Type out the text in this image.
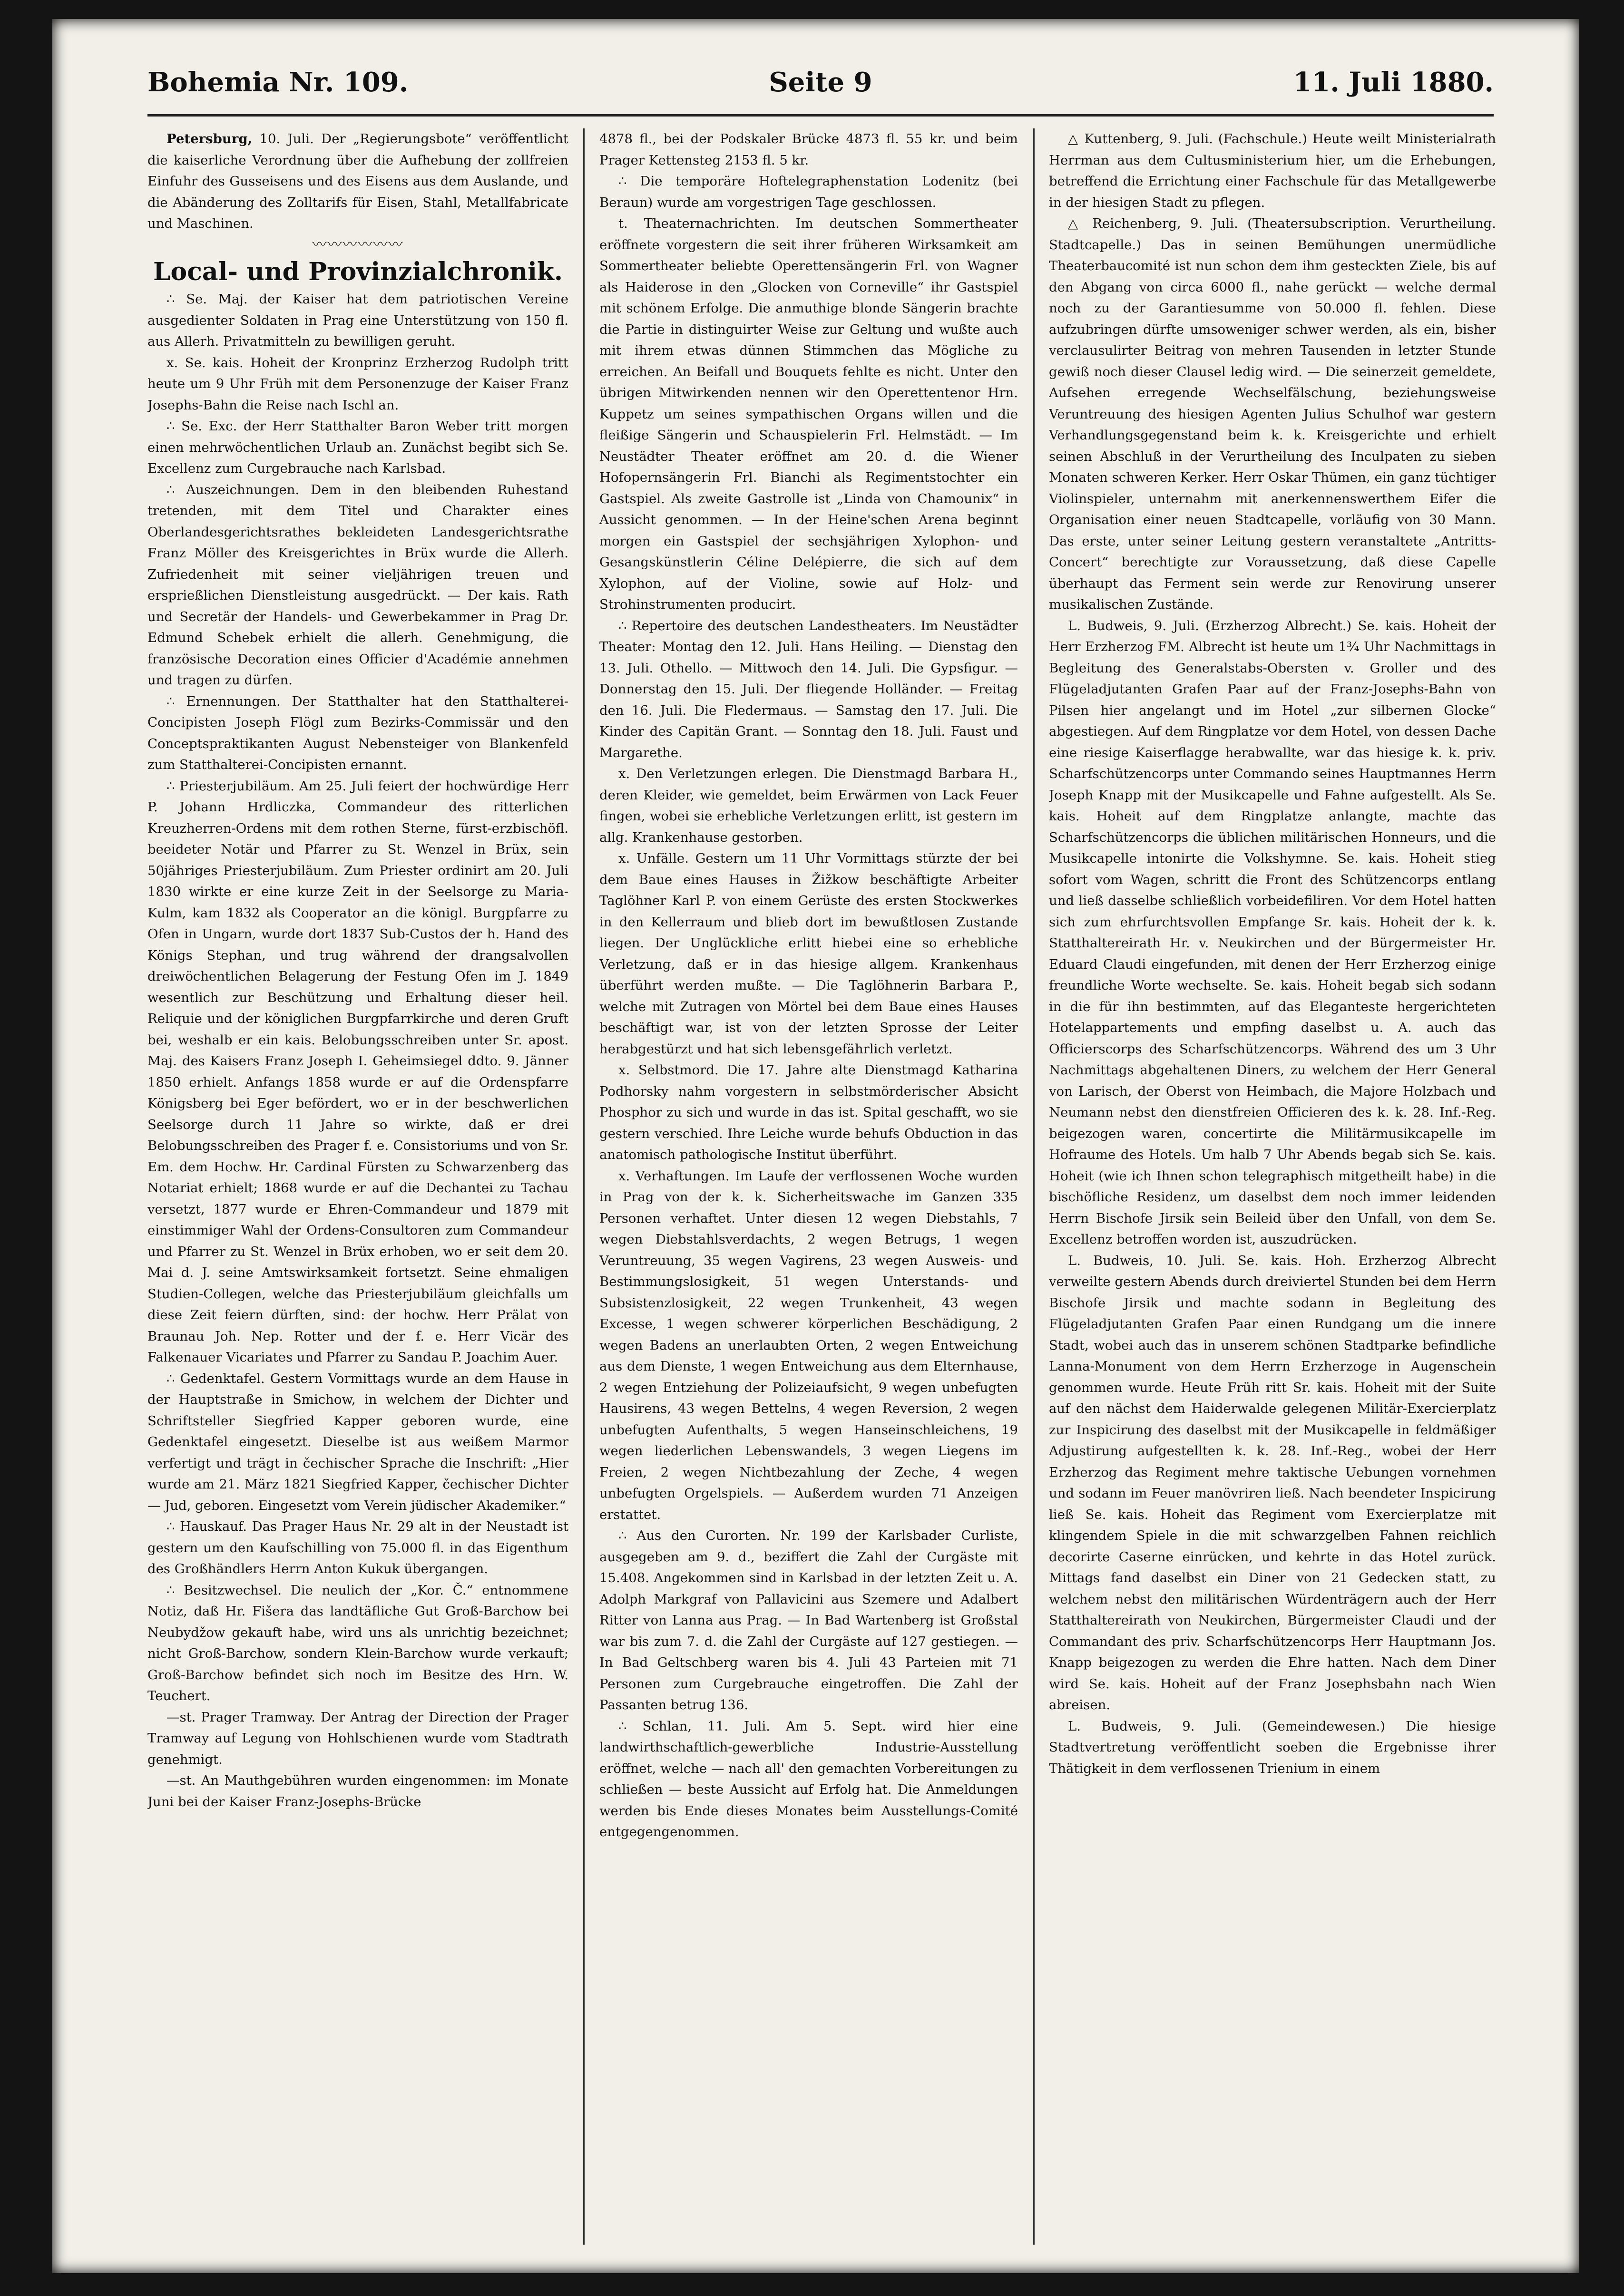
Bohemia Nr. 109.	Seite 9	11. Juli 1880.

Petersburg, 10. Juli. Der „Regierungsbote“ veröffentlicht die kaiserliche Verordnung über die Aufhebung der zollfreien Einfuhr des Gusseisens und des Eisens aus dem Auslande, und die Abänderung des Zolltarifs für Eisen, Stahl, Metallfabricate und Maschinen.

〰〰〰〰〰〰

Local- und Provinzialchronik.

∴ Se. Maj. der Kaiser hat dem patriotischen Vereine ausgedienter Soldaten in Prag eine Unterstützung von 150 fl. aus Allerh. Privatmitteln zu bewilligen geruht.

x. Se. kais. Hoheit der Kronprinz Erzherzog Rudolph tritt heute um 9 Uhr Früh mit dem Personenzuge der Kaiser Franz Josephs-Bahn die Reise nach Ischl an.

∴ Se. Exc. der Herr Statthalter Baron Weber tritt morgen einen mehrwöchentlichen Urlaub an. Zunächst begibt sich Se. Excellenz zum Curgebrauche nach Karlsbad.

∴ Auszeichnungen. Dem in den bleibenden Ruhestand tretenden, mit dem Titel und Charakter eines Oberlandesgerichtsrathes bekleideten Landesgerichtsrathe Franz Möller des Kreisgerichtes in Brüx wurde die Allerh. Zufriedenheit mit seiner vieljährigen treuen und ersprießlichen Dienstleistung ausgedrückt. — Der kais. Rath und Secretär der Handels- und Gewerbekammer in Prag Dr. Edmund Schebek erhielt die allerh. Genehmigung, die französische Decoration eines Officier d'Académie annehmen und tragen zu dürfen.

∴ Ernennungen. Der Statthalter hat den Statthalterei-Concipisten Joseph Flögl zum Bezirks-Commissär und den Conceptspraktikanten August Nebensteiger von Blankenfeld zum Statthalterei-Concipisten ernannt.

∴ Priesterjubiläum. Am 25. Juli feiert der hochwürdige Herr P. Johann Hrdliczka, Commandeur des ritterlichen Kreuzherren-Ordens mit dem rothen Sterne, fürst-erzbischöfl. beeideter Notär und Pfarrer zu St. Wenzel in Brüx, sein 50jähriges Priesterjubiläum. Zum Priester ordinirt am 20. Juli 1830 wirkte er eine kurze Zeit in der Seelsorge zu Maria-Kulm, kam 1832 als Cooperator an die königl. Burgpfarre zu Ofen in Ungarn, wurde dort 1837 Sub-Custos der h. Hand des Königs Stephan, und trug während der drangsalvollen dreiwöchentlichen Belagerung der Festung Ofen im J. 1849 wesentlich zur Beschützung und Erhaltung dieser heil. Reliquie und der königlichen Burgpfarrkirche und deren Gruft bei, weshalb er ein kais. Belobungsschreiben unter Sr. apost. Maj. des Kaisers Franz Joseph I. Geheimsiegel ddto. 9. Jänner 1850 erhielt. Anfangs 1858 wurde er auf die Ordenspfarre Königsberg bei Eger befördert, wo er in der beschwerlichen Seelsorge durch 11 Jahre so wirkte, daß er drei Belobungsschreiben des Prager f. e. Consistoriums und von Sr. Em. dem Hochw. Hr. Cardinal Fürsten zu Schwarzenberg das Notariat erhielt; 1868 wurde er auf die Dechantei zu Tachau versetzt, 1877 wurde er Ehren-Commandeur und 1879 mit einstimmiger Wahl der Ordens-Consultoren zum Commandeur und Pfarrer zu St. Wenzel in Brüx erhoben, wo er seit dem 20. Mai d. J. seine Amtswirksamkeit fortsetzt. Seine ehmaligen Studien-Collegen, welche das Priesterjubiläum gleichfalls um diese Zeit feiern dürften, sind: der hochw. Herr Prälat von Braunau Joh. Nep. Rotter und der f. e. Herr Vicär des Falkenauer Vicariates und Pfarrer zu Sandau P. Joachim Auer.

∴ Gedenktafel. Gestern Vormittags wurde an dem Hause in der Hauptstraße in Smichow, in welchem der Dichter und Schriftsteller Siegfried Kapper geboren wurde, eine Gedenktafel eingesetzt. Dieselbe ist aus weißem Marmor verfertigt und trägt in čechischer Sprache die Inschrift: „Hier wurde am 21. März 1821 Siegfried Kapper, čechischer Dichter — Jud, geboren. Eingesetzt vom Verein jüdischer Akademiker.“

∴ Hauskauf. Das Prager Haus Nr. 29 alt in der Neustadt ist gestern um den Kaufschilling von 75.000 fl. in das Eigenthum des Großhändlers Herrn Anton Kukuk übergangen.

∴ Besitzwechsel. Die neulich der „Kor. Č.“ entnommene Notiz, daß Hr. Fišera das landtäfliche Gut Groß-Barchow bei Neubydžow gekauft habe, wird uns als unrichtig bezeichnet; nicht Groß-Barchow, sondern Klein-Barchow wurde verkauft; Groß-Barchow befindet sich noch im Besitze des Hrn. W. Teuchert.

—st. Prager Tramway. Der Antrag der Direction der Prager Tramway auf Legung von Hohlschienen wurde vom Stadtrath genehmigt.

—st. An Mauthgebühren wurden eingenommen: im Monate Juni bei der Kaiser Franz-Josephs-Brücke

4878 fl., bei der Podskaler Brücke 4873 fl. 55 kr. und beim Prager Kettensteg 2153 fl. 5 kr.

∴ Die temporäre Hoftelegraphenstation Lodenitz (bei Beraun) wurde am vorgestrigen Tage geschlossen.

t. Theaternachrichten. Im deutschen Sommertheater eröffnete vorgestern die seit ihrer früheren Wirksamkeit am Sommertheater beliebte Operettensängerin Frl. von Wagner als Haiderose in den „Glocken von Corneville“ ihr Gastspiel mit schönem Erfolge. Die anmuthige blonde Sängerin brachte die Partie in distinguirter Weise zur Geltung und wußte auch mit ihrem etwas dünnen Stimmchen das Mögliche zu erreichen. An Beifall und Bouquets fehlte es nicht. Unter den übrigen Mitwirkenden nennen wir den Operettentenor Hrn. Kuppetz um seines sympathischen Organs willen und die fleißige Sängerin und Schauspielerin Frl. Helmstädt. — Im Neustädter Theater eröffnet am 20. d. die Wiener Hofopernsängerin Frl. Bianchi als Regimentstochter ein Gastspiel. Als zweite Gastrolle ist „Linda von Chamounix“ in Aussicht genommen. — In der Heine'schen Arena beginnt morgen ein Gastspiel der sechsjährigen Xylophon- und Gesangskünstlerin Céline Delépierre, die sich auf dem Xylophon, auf der Violine, sowie auf Holz- und Strohinstrumenten producirt.

∴ Repertoire des deutschen Landestheaters. Im Neustädter Theater: Montag den 12. Juli. Hans Heiling. — Dienstag den 13. Juli. Othello. — Mittwoch den 14. Juli. Die Gypsfigur. — Donnerstag den 15. Juli. Der fliegende Holländer. — Freitag den 16. Juli. Die Fledermaus. — Samstag den 17. Juli. Die Kinder des Capitän Grant. — Sonntag den 18. Juli. Faust und Margarethe.

x. Den Verletzungen erlegen. Die Dienstmagd Barbara H., deren Kleider, wie gemeldet, beim Erwärmen von Lack Feuer fingen, wobei sie erhebliche Verletzungen erlitt, ist gestern im allg. Krankenhause gestorben.

x. Unfälle. Gestern um 11 Uhr Vormittags stürzte der bei dem Baue eines Hauses in Žižkow beschäftigte Arbeiter Taglöhner Karl P. von einem Gerüste des ersten Stockwerkes in den Kellerraum und blieb dort im bewußtlosen Zustande liegen. Der Unglückliche erlitt hiebei eine so erhebliche Verletzung, daß er in das hiesige allgem. Krankenhaus überführt werden mußte. — Die Taglöhnerin Barbara P., welche mit Zutragen von Mörtel bei dem Baue eines Hauses beschäftigt war, ist von der letzten Sprosse der Leiter herabgestürzt und hat sich lebensgefährlich verletzt.

x. Selbstmord. Die 17. Jahre alte Dienstmagd Katharina Podhorsky nahm vorgestern in selbstmörderischer Absicht Phosphor zu sich und wurde in das ist. Spital geschafft, wo sie gestern verschied. Ihre Leiche wurde behufs Obduction in das anatomisch pathologische Institut überführt.

x. Verhaftungen. Im Laufe der verflossenen Woche wurden in Prag von der k. k. Sicherheitswache im Ganzen 335 Personen verhaftet. Unter diesen 12 wegen Diebstahls, 7 wegen Diebstahlsverdachts, 2 wegen Betrugs, 1 wegen Veruntreuung, 35 wegen Vagirens, 23 wegen Ausweis- und Bestimmungslosigkeit, 51 wegen Unterstands- und Subsistenzlosigkeit, 22 wegen Trunkenheit, 43 wegen Excesse, 1 wegen schwerer körperlichen Beschädigung, 2 wegen Badens an unerlaubten Orten, 2 wegen Entweichung aus dem Dienste, 1 wegen Entweichung aus dem Elternhause, 2 wegen Entziehung der Polizeiaufsicht, 9 wegen unbefugten Hausirens, 43 wegen Bettelns, 4 wegen Reversion, 2 wegen unbefugten Aufenthalts, 5 wegen Hanseinschleichens, 19 wegen liederlichen Lebenswandels, 3 wegen Liegens im Freien, 2 wegen Nichtbezahlung der Zeche, 4 wegen unbefugten Orgelspiels. — Außerdem wurden 71 Anzeigen erstattet.

∴ Aus den Curorten. Nr. 199 der Karlsbader Curliste, ausgegeben am 9. d., beziffert die Zahl der Curgäste mit 15.408. Angekommen sind in Karlsbad in der letzten Zeit u. A. Adolph Markgraf von Pallavicini aus Szemere und Adalbert Ritter von Lanna aus Prag. — In Bad Wartenberg ist Großstal war bis zum 7. d. die Zahl der Curgäste auf 127 gestiegen. — In Bad Geltschberg waren bis 4. Juli 43 Parteien mit 71 Personen zum Curgebrauche eingetroffen. Die Zahl der Passanten betrug 136.

∴ Schlan, 11. Juli. Am 5. Sept. wird hier eine landwirthschaftlich-gewerbliche Industrie-Ausstellung eröffnet, welche — nach all' den gemachten Vorbereitungen zu schließen — beste Aussicht auf Erfolg hat. Die Anmeldungen werden bis Ende dieses Monates beim Ausstellungs-Comité entgegengenommen.

△ Kuttenberg, 9. Juli. (Fachschule.) Heute weilt Ministerialrath Herrman aus dem Cultusministerium hier, um die Erhebungen, betreffend die Errichtung einer Fachschule für das Metallgewerbe in der hiesigen Stadt zu pflegen.

△ Reichenberg, 9. Juli. (Theatersubscription. Verurtheilung. Stadtcapelle.) Das in seinen Bemühungen unermüdliche Theaterbaucomité ist nun schon dem ihm gesteckten Ziele, bis auf den Abgang von circa 6000 fl., nahe gerückt — welche dermal noch zu der Garantiesumme von 50.000 fl. fehlen. Diese aufzubringen dürfte umsoweniger schwer werden, als ein, bisher verclausulirter Beitrag von mehren Tausenden in letzter Stunde gewiß noch dieser Clausel ledig wird. — Die seinerzeit gemeldete, Aufsehen erregende Wechselfälschung, beziehungsweise Veruntreuung des hiesigen Agenten Julius Schulhof war gestern Verhandlungsgegenstand beim k. k. Kreisgerichte und erhielt seinen Abschluß in der Verurtheilung des Inculpaten zu sieben Monaten schweren Kerker. Herr Oskar Thümen, ein ganz tüchtiger Violinspieler, unternahm mit anerkennenswerthem Eifer die Organisation einer neuen Stadtcapelle, vorläufig von 30 Mann. Das erste, unter seiner Leitung gestern veranstaltete „Antritts-Concert“ berechtigte zur Voraussetzung, daß diese Capelle überhaupt das Ferment sein werde zur Renovirung unserer musikalischen Zustände.

L. Budweis, 9. Juli. (Erzherzog Albrecht.) Se. kais. Hoheit der Herr Erzherzog FM. Albrecht ist heute um 1¾ Uhr Nachmittags in Begleitung des Generalstabs-Obersten v. Groller und des Flügeladjutanten Grafen Paar auf der Franz-Josephs-Bahn von Pilsen hier angelangt und im Hotel „zur silbernen Glocke“ abgestiegen. Auf dem Ringplatze vor dem Hotel, von dessen Dache eine riesige Kaiserflagge herabwallte, war das hiesige k. k. priv. Scharfschützencorps unter Commando seines Hauptmannes Herrn Joseph Knapp mit der Musikcapelle und Fahne aufgestellt. Als Se. kais. Hoheit auf dem Ringplatze anlangte, machte das Scharfschützencorps die üblichen militärischen Honneurs, und die Musikcapelle intonirte die Volkshymne. Se. kais. Hoheit stieg sofort vom Wagen, schritt die Front des Schützencorps entlang und ließ dasselbe schließlich vorbeidefiliren. Vor dem Hotel hatten sich zum ehrfurchtsvollen Empfange Sr. kais. Hoheit der k. k. Statthaltereirath Hr. v. Neukirchen und der Bürgermeister Hr. Eduard Claudi eingefunden, mit denen der Herr Erzherzog einige freundliche Worte wechselte. Se. kais. Hoheit begab sich sodann in die für ihn bestimmten, auf das Eleganteste hergerichteten Hotelappartements und empfing daselbst u. A. auch das Officierscorps des Scharfschützencorps. Während des um 3 Uhr Nachmittags abgehaltenen Diners, zu welchem der Herr General von Larisch, der Oberst von Heimbach, die Majore Holzbach und Neumann nebst den dienstfreien Officieren des k. k. 28. Inf.-Reg. beigezogen waren, concertirte die Militärmusikcapelle im Hofraume des Hotels. Um halb 7 Uhr Abends begab sich Se. kais. Hoheit (wie ich Ihnen schon telegraphisch mitgetheilt habe) in die bischöfliche Residenz, um daselbst dem noch immer leidenden Herrn Bischofe Jirsik sein Beileid über den Unfall, von dem Se. Excellenz betroffen worden ist, auszudrücken.

L. Budweis, 10. Juli. Se. kais. Hoh. Erzherzog Albrecht verweilte gestern Abends durch dreiviertel Stunden bei dem Herrn Bischofe Jirsik und machte sodann in Begleitung des Flügeladjutanten Grafen Paar einen Rundgang um die innere Stadt, wobei auch das in unserem schönen Stadtparke befindliche Lanna-Monument von dem Herrn Erzherzoge in Augenschein genommen wurde. Heute Früh ritt Sr. kais. Hoheit mit der Suite auf den nächst dem Haiderwalde gelegenen Militär-Exercierplatz zur Inspicirung des daselbst mit der Musikcapelle in feldmäßiger Adjustirung aufgestellten k. k. 28. Inf.-Reg., wobei der Herr Erzherzog das Regiment mehre taktische Uebungen vornehmen und sodann im Feuer manövriren ließ. Nach beendeter Inspicirung ließ Se. kais. Hoheit das Regiment vom Exercierplatze mit klingendem Spiele in die mit schwarzgelben Fahnen reichlich decorirte Caserne einrücken, und kehrte in das Hotel zurück. Mittags fand daselbst ein Diner von 21 Gedecken statt, zu welchem nebst den militärischen Würdenträgern auch der Herr Statthaltereirath von Neukirchen, Bürgermeister Claudi und der Commandant des priv. Scharfschützencorps Herr Hauptmann Jos. Knapp beigezogen zu werden die Ehre hatten. Nach dem Diner wird Se. kais. Hoheit auf der Franz Josephsbahn nach Wien abreisen.

L. Budweis, 9. Juli. (Gemeindewesen.) Die hiesige Stadtvertretung veröffentlicht soeben die Ergebnisse ihrer Thätigkeit in dem verflossenen Trienium in einem
